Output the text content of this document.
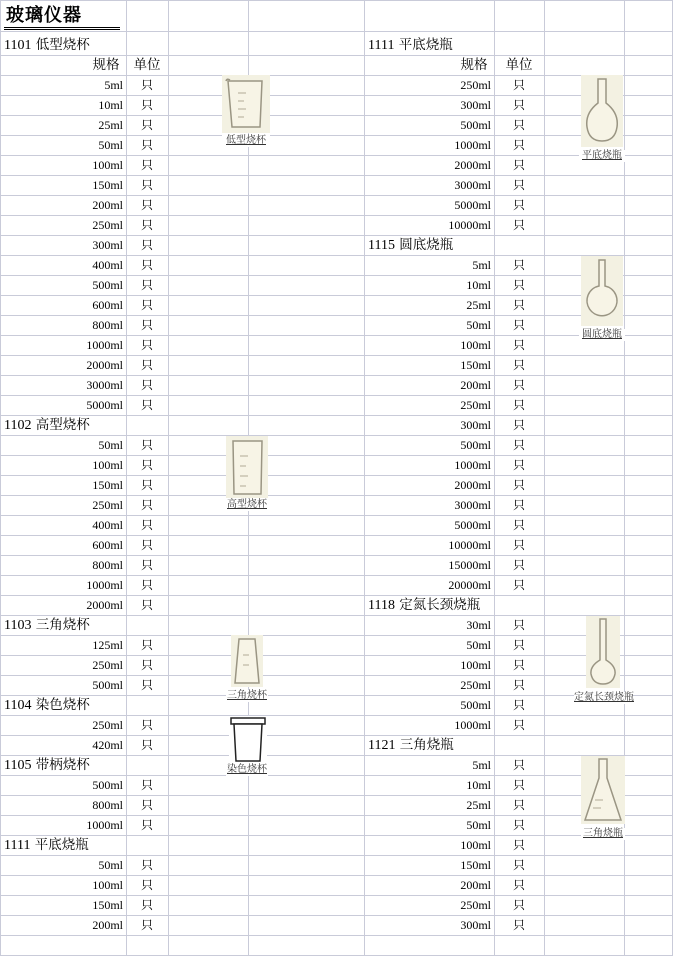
玻璃仪器
规格	单位	规格	单位
1101 低型烧杯
5ml	只
10ml	只
25ml	只
50ml	只
100ml	只
150ml	只
200ml	只
250ml	只
300ml	只
400ml	只
500ml	只
600ml	只
800ml	只
1000ml	只
2000ml	只
3000ml	只
5000ml	只
1102 高型烧杯
50ml	只
100ml	只
150ml	只
250ml	只
400ml	只
600ml	只
800ml	只
1000ml	只
2000ml	只
1103 三角烧杯
125ml	只
250ml	只
500ml	只
1104 染色烧杯
250ml	只
420ml	只
1105 带柄烧杯
500ml	只
800ml	只
1000ml	只
1111 平底烧瓶
50ml	只
100ml	只
150ml	只
200ml	只
1111 平底烧瓶
250ml	只
300ml	只
500ml	只
1000ml	只
2000ml	只
3000ml	只
5000ml	只
10000ml	只
1115 圆底烧瓶
5ml	只
10ml	只
25ml	只
50ml	只
100ml	只
150ml	只
200ml	只
250ml	只
300ml	只
500ml	只
1000ml	只
2000ml	只
3000ml	只
5000ml	只
10000ml	只
15000ml	只
20000ml	只
1118 定氮长颈烧瓶
30ml	只
50ml	只
100ml	只
250ml	只
500ml	只
1000ml	只
1121 三角烧瓶
5ml	只
10ml	只
25ml	只
50ml	只
100ml	只
150ml	只
200ml	只
250ml	只
300ml	只
低型烧杯
高型烧杯
三角烧杯
染色烧杯
平底烧瓶
圆底烧瓶
定氮长颈烧瓶
三角烧瓶
